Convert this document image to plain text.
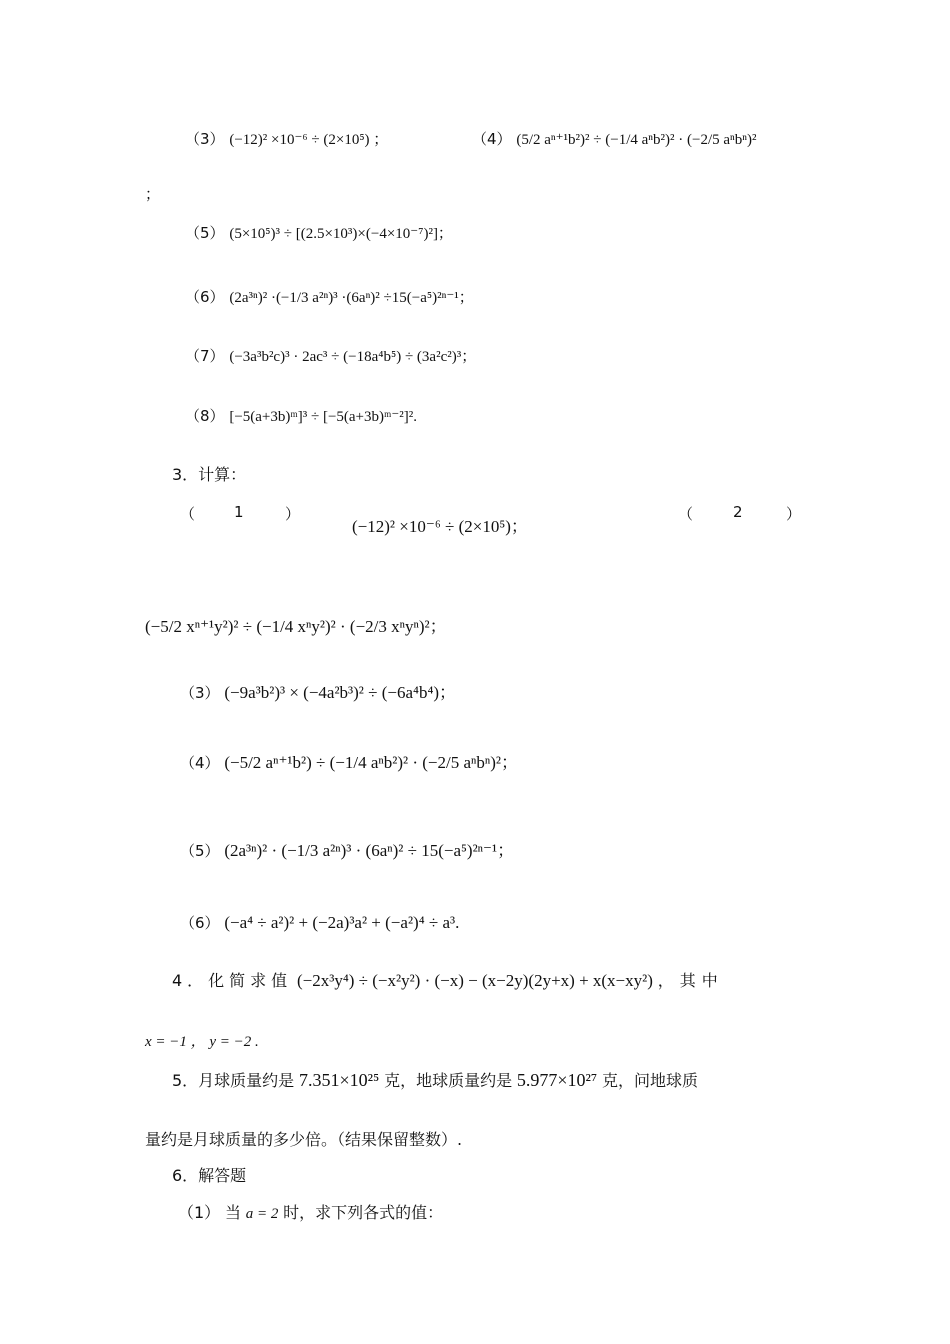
（3） (−12)² ×10⁻⁶ ÷ (2×10⁵) ；	（4） (5/2 aⁿ⁺¹b²)² ÷ (−1/4 aⁿb²)² · (−2/5 aⁿbⁿ)²
；
（5） (5×10⁵)³ ÷ [(2.5×10³)×(−4×10⁻⁷)²]；
（6） (2a³ⁿ)² ·(−1/3 a²ⁿ)³ ·(6aⁿ)² ÷15(−a⁵)²ⁿ⁻¹；
（7） (−3a³b²c)³ · 2ac³ ÷ (−18a⁴b⁵) ÷ (3a²c²)³；
（8） [−5(a+3b)ᵐ]³ ÷ [−5(a+3b)ᵐ⁻²]².
3．计算：
（	1	）
(−12)² ×10⁻⁶ ÷ (2×10⁵)；
（	2	）
(−5/2 xⁿ⁺¹y²)² ÷ (−1/4 xⁿy²)² · (−2/3 xⁿyⁿ)²；
（3） (−9a³b²)³ × (−4a²b³)² ÷ (−6a⁴b⁴)；
（4） (−5/2 aⁿ⁺¹b²) ÷ (−1/4 aⁿb²)² · (−2/5 aⁿbⁿ)²；
（5） (2a³ⁿ)² · (−1/3 a²ⁿ)³ · (6aⁿ)² ÷ 15(−a⁵)²ⁿ⁻¹；
（6） (−a⁴ ÷ a²)² + (−2a)³a² + (−a²)⁴ ÷ a³.
4．化简求值 (−2x³y⁴) ÷ (−x²y²) · (−x) − (x−2y)(2y+x) + x(x−xy²) ，其中
x = −1 ， y = −2 .
5．月球质量约是 7.351×10²⁵ 克，地球质量约是 5.977×10²⁷ 克，问地球质
量约是月球质量的多少倍。（结果保留整数）.
6．解答题
（1） 当 a = 2 时，求下列各式的值：
